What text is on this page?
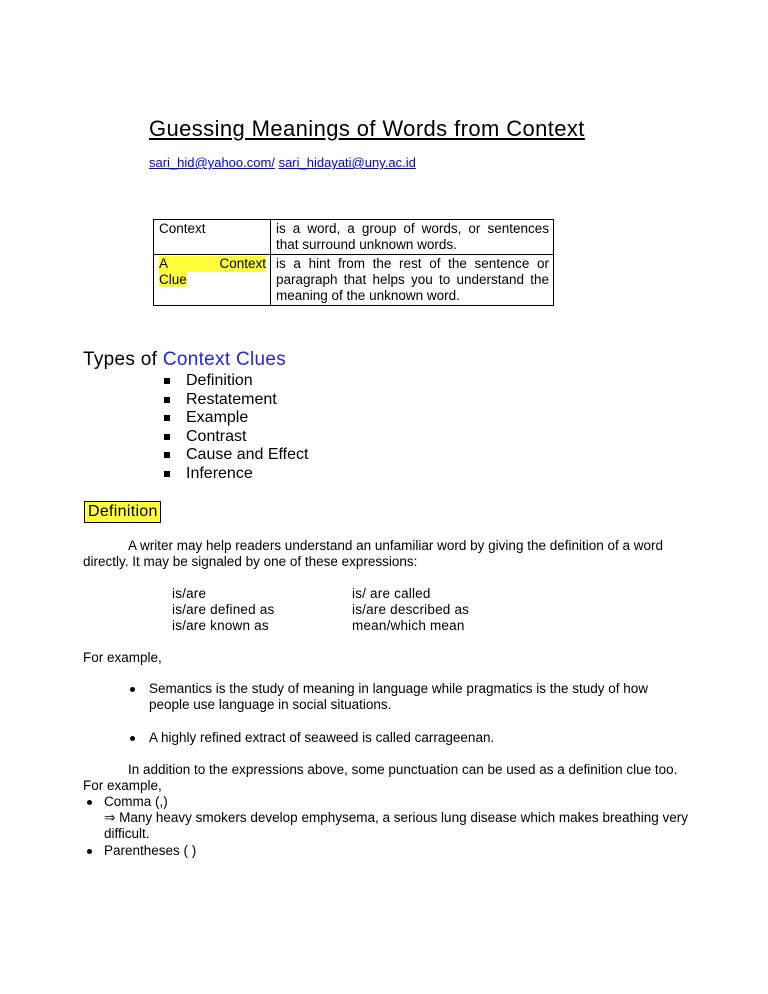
Guessing Meanings of Words from Context
sari_hid@yahoo.com/ sari_hidayati@uny.ac.id
Context	is a word, a group of words, or sentences that surround unknown words.

A Context
Clue	is a hint from the rest of the sentence or paragraph that helps you to understand the meaning of the unknown word.
Types of Context Clues
Definition
Restatement
Example
Contrast
Cause and Effect
Inference
Definition

A writer may help readers understand an unfamiliar word by giving the definition of a word directly. It may be signaled by one of these expressions:

is/are	is/ are called
is/are defined as	is/are described as
is/are known as	mean/which mean

For example,

Semantics is the study of meaning in language while pragmatics is the study of how people use language in social situations.

A highly refined extract of seaweed is called carrageenan.

In addition to the expressions above, some punctuation can be used as a definition clue too. For example,

Comma (,)

⇒ Many heavy smokers develop emphysema, a serious lung disease which makes breathing very difficult.

Parentheses ( )
